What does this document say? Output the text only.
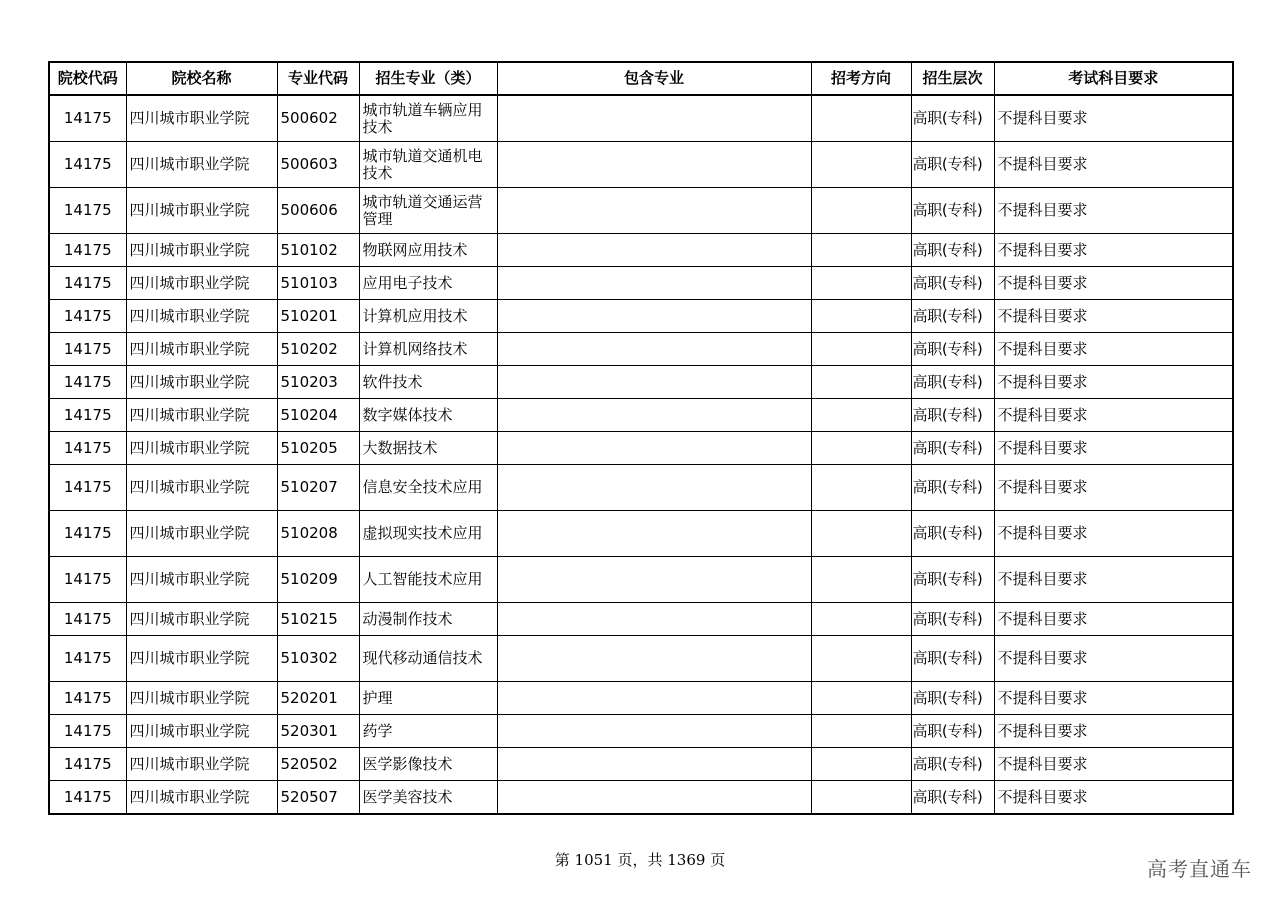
院校代码	院校名称	专业代码	招生专业（类）	包含专业	招考方向	招生层次	考试科目要求
14175	四川城市职业学院	500602	城市轨道车辆应用技术			高职(专科)	不提科目要求
14175	四川城市职业学院	500603	城市轨道交通机电技术			高职(专科)	不提科目要求
14175	四川城市职业学院	500606	城市轨道交通运营管理			高职(专科)	不提科目要求
14175	四川城市职业学院	510102	物联网应用技术			高职(专科)	不提科目要求
14175	四川城市职业学院	510103	应用电子技术			高职(专科)	不提科目要求
14175	四川城市职业学院	510201	计算机应用技术			高职(专科)	不提科目要求
14175	四川城市职业学院	510202	计算机网络技术			高职(专科)	不提科目要求
14175	四川城市职业学院	510203	软件技术			高职(专科)	不提科目要求
14175	四川城市职业学院	510204	数字媒体技术			高职(专科)	不提科目要求
14175	四川城市职业学院	510205	大数据技术			高职(专科)	不提科目要求
14175	四川城市职业学院	510207	信息安全技术应用			高职(专科)	不提科目要求
14175	四川城市职业学院	510208	虚拟现实技术应用			高职(专科)	不提科目要求
14175	四川城市职业学院	510209	人工智能技术应用			高职(专科)	不提科目要求
14175	四川城市职业学院	510215	动漫制作技术			高职(专科)	不提科目要求
14175	四川城市职业学院	510302	现代移动通信技术			高职(专科)	不提科目要求
14175	四川城市职业学院	520201	护理			高职(专科)	不提科目要求
14175	四川城市职业学院	520301	药学			高职(专科)	不提科目要求
14175	四川城市职业学院	520502	医学影像技术			高职(专科)	不提科目要求
14175	四川城市职业学院	520507	医学美容技术			高职(专科)	不提科目要求
第 1051 页，共 1369 页	高考直通车
